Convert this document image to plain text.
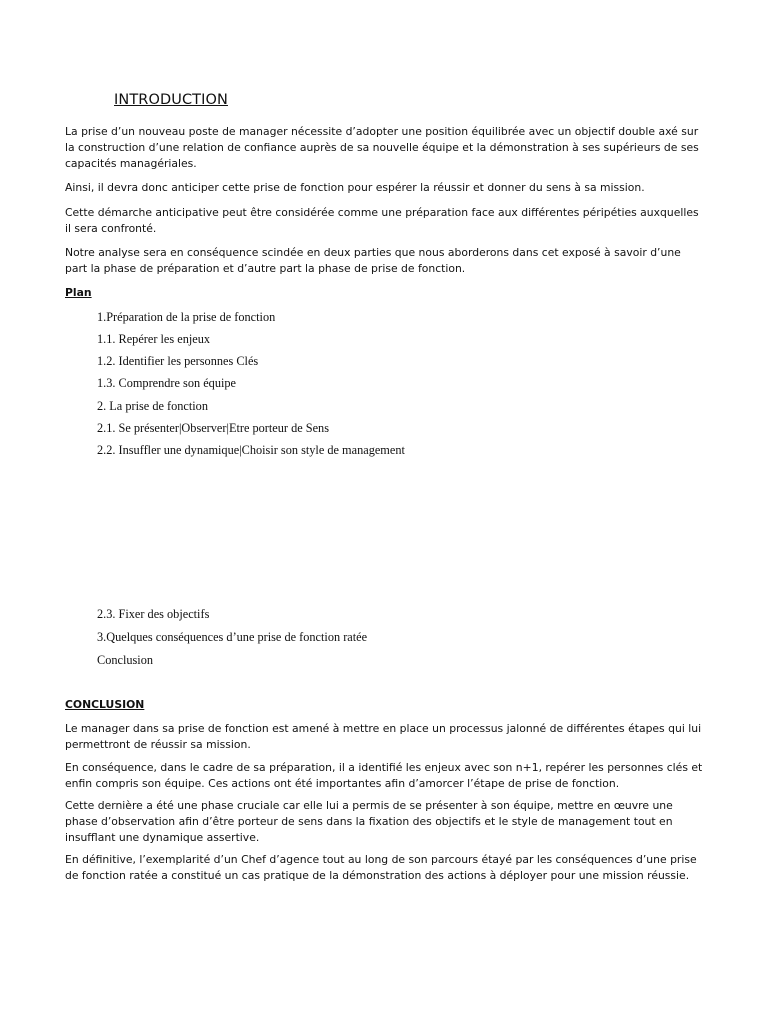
INTRODUCTION

La prise d’un nouveau poste de manager nécessite d’adopter une position équilibrée avec un objectif double axé sur la construction d’une relation de confiance auprès de sa nouvelle équipe et la démonstration à ses supérieurs de ses capacités managériales.

Ainsi, il devra donc anticiper cette prise de fonction pour espérer la réussir et donner du sens à sa mission.

Cette démarche anticipative peut être considérée comme une préparation face aux différentes péripéties auxquelles il sera confronté.

Notre analyse sera en conséquence scindée en deux parties que nous aborderons dans cet exposé à savoir d’une part la phase de préparation et d’autre part la phase de prise de fonction.

Plan
1.Préparation de la prise de fonction
1.1. Repérer les enjeux
1.2. Identifier les personnes Clés
1.3. Comprendre son équipe
2. La prise de fonction
2.1. Se présenter|Observer|Etre porteur de Sens
2.2. Insuffler une dynamique|Choisir son style de management
2.3. Fixer des objectifs
3.Quelques conséquences d’une prise de fonction ratée
Conclusion
CONCLUSION

Le manager dans sa prise de fonction est amené à mettre en place un processus jalonné de différentes étapes qui lui permettront de réussir sa mission.

En conséquence, dans le cadre de sa préparation, il a identifié les enjeux avec son n+1, repérer les personnes clés et enfin compris son équipe. Ces actions ont été importantes afin d’amorcer l’étape de prise de fonction.

Cette dernière a été une phase cruciale car elle lui a permis de se présenter à son équipe, mettre en œuvre une phase d’observation afin d’être porteur de sens dans la fixation des objectifs et le style de management tout en insufflant une dynamique assertive.

En définitive, l’exemplarité d’un Chef d’agence tout au long de son parcours étayé par les conséquences d’une prise de fonction ratée a constitué un cas pratique de la démonstration des actions à déployer pour une mission réussie.
